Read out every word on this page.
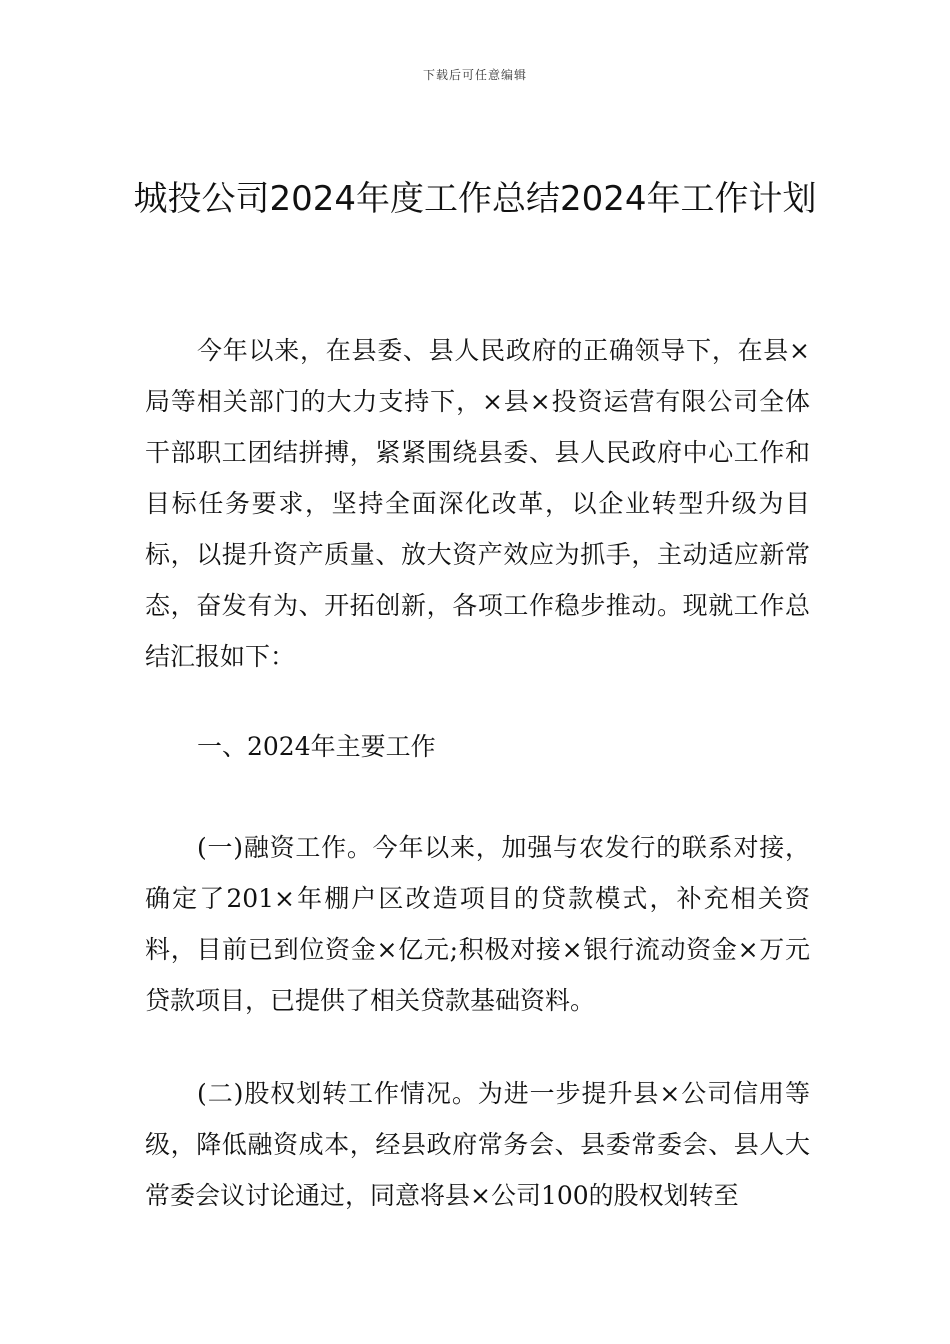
下载后可任意编辑
城投公司2024年度工作总结2024年工作计划

今年以来，在县委、县人民政府的正确领导下，在县×局等相关部门的大力支持下，×县×投资运营有限公司全体干部职工团结拼搏，紧紧围绕县委、县人民政府中心工作和目标任务要求，坚持全面深化改革，以企业转型升级为目标，以提升资产质量、放大资产效应为抓手，主动适应新常态，奋发有为、开拓创新，各项工作稳步推动。现就工作总结汇报如下：

一、2024年主要工作

(一)融资工作。今年以来，加强与农发行的联系对接，确定了201×年棚户区改造项目的贷款模式，补充相关资料，目前已到位资金×亿元;积极对接×银行流动资金×万元贷款项目，已提供了相关贷款基础资料。

(二)股权划转工作情况。为进一步提升县×公司信用等级，降低融资成本，经县政府常务会、县委常委会、县人大常委会议讨论通过，同意将县×公司100的股权划转至
